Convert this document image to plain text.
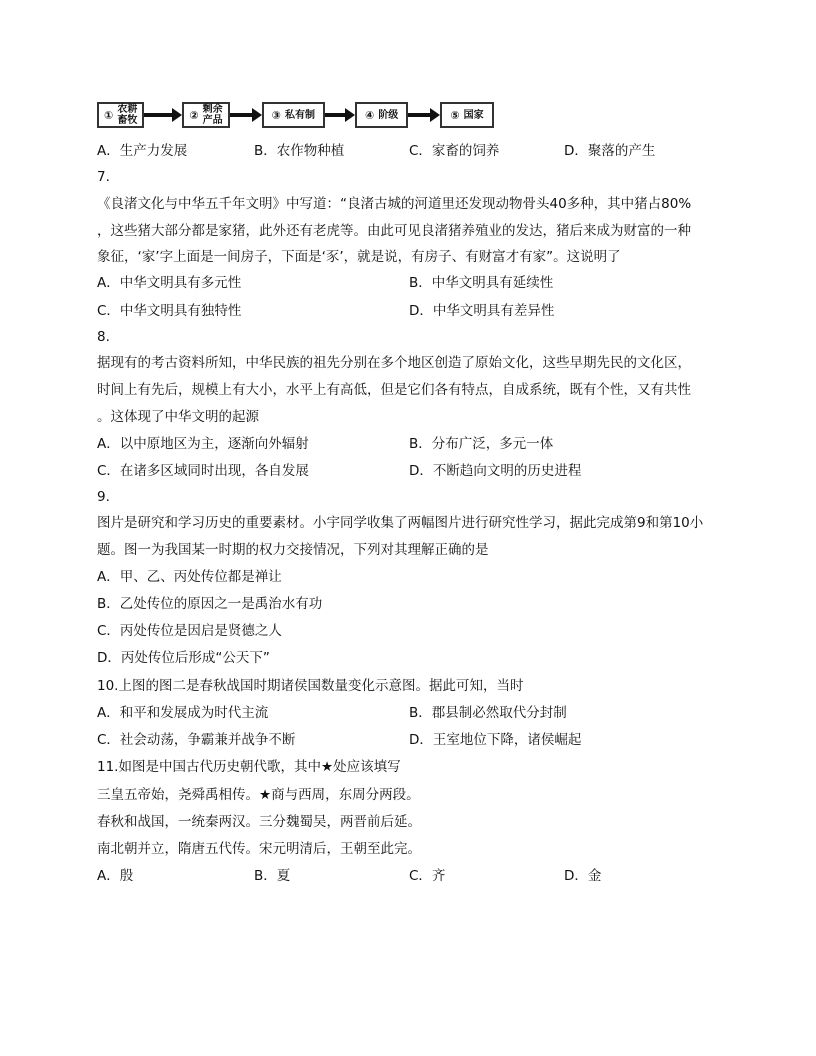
① 农耕
畜牧	② 剩余
产品	③ 私有制	④ 阶级	⑤ 国家
A．生产力发展	B．农作物种植	C．家畜的饲养	D．聚落的产生
7.
《良渚文化与中华五千年文明》中写道：“良渚古城的河道里还发现动物骨头40多种，其中猪占80%
，这些猪大部分都是家猪，此外还有老虎等。由此可见良渚猪养殖业的发达，猪后来成为财富的一种
象征，‘家’字上面是一间房子，下面是‘豕’，就是说，有房子、有财富才有家”。这说明了
A．中华文明具有多元性	B．中华文明具有延续性
C．中华文明具有独特性	D．中华文明具有差异性
8.
据现有的考古资料所知，中华民族的祖先分别在多个地区创造了原始文化，这些早期先民的文化区，
时间上有先后，规模上有大小，水平上有高低，但是它们各有特点，自成系统，既有个性，又有共性
。这体现了中华文明的起源
A．以中原地区为主，逐渐向外辐射	B．分布广泛，多元一体
C．在诸多区域同时出现，各自发展	D．不断趋向文明的历史进程
9.
图片是研究和学习历史的重要素材。小宇同学收集了两幅图片进行研究性学习，据此完成第9和第10小
题。图一为我国某一时期的权力交接情况，下列对其理解正确的是
A．甲、乙、丙处传位都是禅让
B．乙处传位的原因之一是禹治水有功
C．丙处传位是因启是贤德之人
D．丙处传位后形成“公天下”
10.上图的图二是春秋战国时期诸侯国数量变化示意图。据此可知，当时
A．和平和发展成为时代主流	B．郡县制必然取代分封制
C．社会动荡，争霸兼并战争不断	D．王室地位下降，诸侯崛起
11.如图是中国古代历史朝代歌，其中★处应该填写
三皇五帝始，尧舜禹相传。★商与西周，东周分两段。
春秋和战国，一统秦两汉。三分魏蜀吴，两晋前后延。
南北朝并立，隋唐五代传。宋元明清后，王朝至此完。
A．殷	B．夏	C．齐	D．金
